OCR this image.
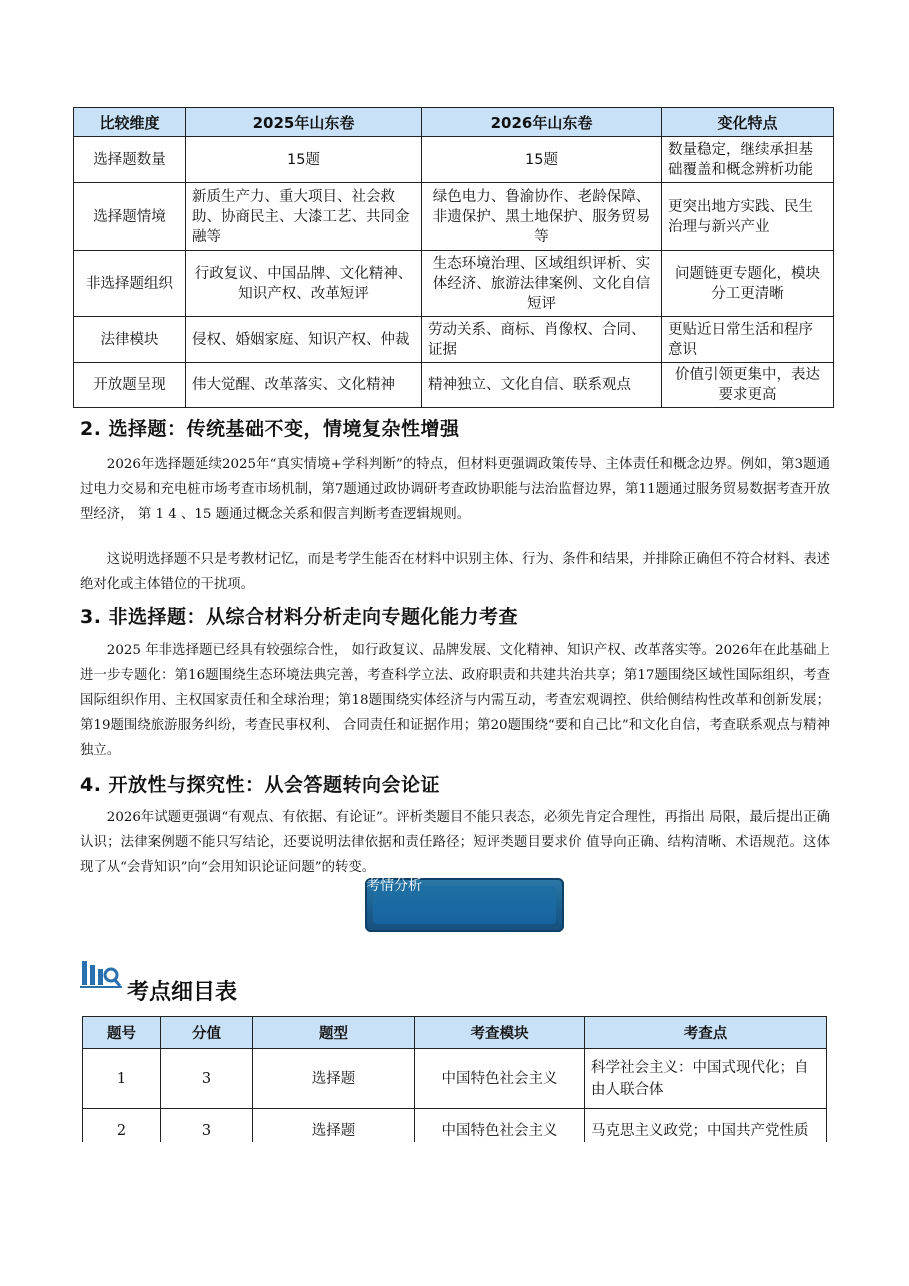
比较维度	2025年山东卷	2026年山东卷	变化特点
选择题数量	15题	15题	数量稳定，继续承担基础覆盖和概念辨析功能
选择题情境	新质生产力、重大项目、社会救助、协商民主、大漆工艺、共同金融等	绿色电力、鲁渝协作、老龄保障、非遗保护、黑土地保护、服务贸易等	更突出地方实践、民生治理与新兴产业
非选择题组织	行政复议、中国品牌、文化精神、知识产权、改革短评	生态环境治理、区域组织评析、实体经济、旅游法律案例、文化自信短评	问题链更专题化，模块分工更清晰
法律模块	侵权、婚姻家庭、知识产权、仲裁	劳动关系、商标、肖像权、合同、证据	更贴近日常生活和程序意识
开放题呈现	伟大觉醒、改革落实、文化精神	精神独立、文化自信、联系观点	价值引领更集中，表达要求更高
2. 选择题：传统基础不变，情境复杂性增强

2026年选择题延续2025年“真实情境+学科判断”的特点，但材料更强调政策传导、主体责任和概念边界。例如，第3题通过电力交易和充电桩市场考查市场机制，第7题通过政协调研考查政协职能与法治监督边界，第11题通过服务贸易数据考查开放型经济， 第 1 4 、15 题通过概念关系和假言判断考查逻辑规则。

这说明选择题不只是考教材记忆，而是考学生能否在材料中识别主体、行为、条件和结果，并排除正确但不符合材料、表述绝对化或主体错位的干扰项。

3. 非选择题：从综合材料分析走向专题化能力考查

2025 年非选择题已经具有较强综合性， 如行政复议、品牌发展、文化精神、知识产权、改革落实等。2026年在此基础上进一步专题化：第16题围绕生态环境法典完善，考查科学立法、政府职责和共建共治共享；第17题围绕区域性国际组织，考查国际组织作用、主权国家责任和全球治理；第18题围绕实体经济与内需互动，考查宏观调控、供给侧结构性改革和创新发展；第19题围绕旅游服务纠纷，考查民事权利、 合同责任和证据作用；第20题围绕“要和自己比”和文化自信，考查联系观点与精神独立。

4. 开放性与探究性：从会答题转向会论证

2026年试题更强调“有观点、有依据、有论证”。评析类题目不能只表态，必须先肯定合理性，再指出 局限，最后提出正确认识；法律案例题不能只写结论，还要说明法律依据和责任路径；短评类题目要求价 值导向正确、结构清晰、术语规范。这体现了从“会背知识”向“会用知识论证问题”的转变。

考情分析
考点细目表
题号	分值	题型	考查模块	考查点
1	3	选择题	中国特色社会主义	科学社会主义：中国式现代化；自由人联合体
2	3	选择题	中国特色社会主义	马克思主义政党；中国共产党性质
